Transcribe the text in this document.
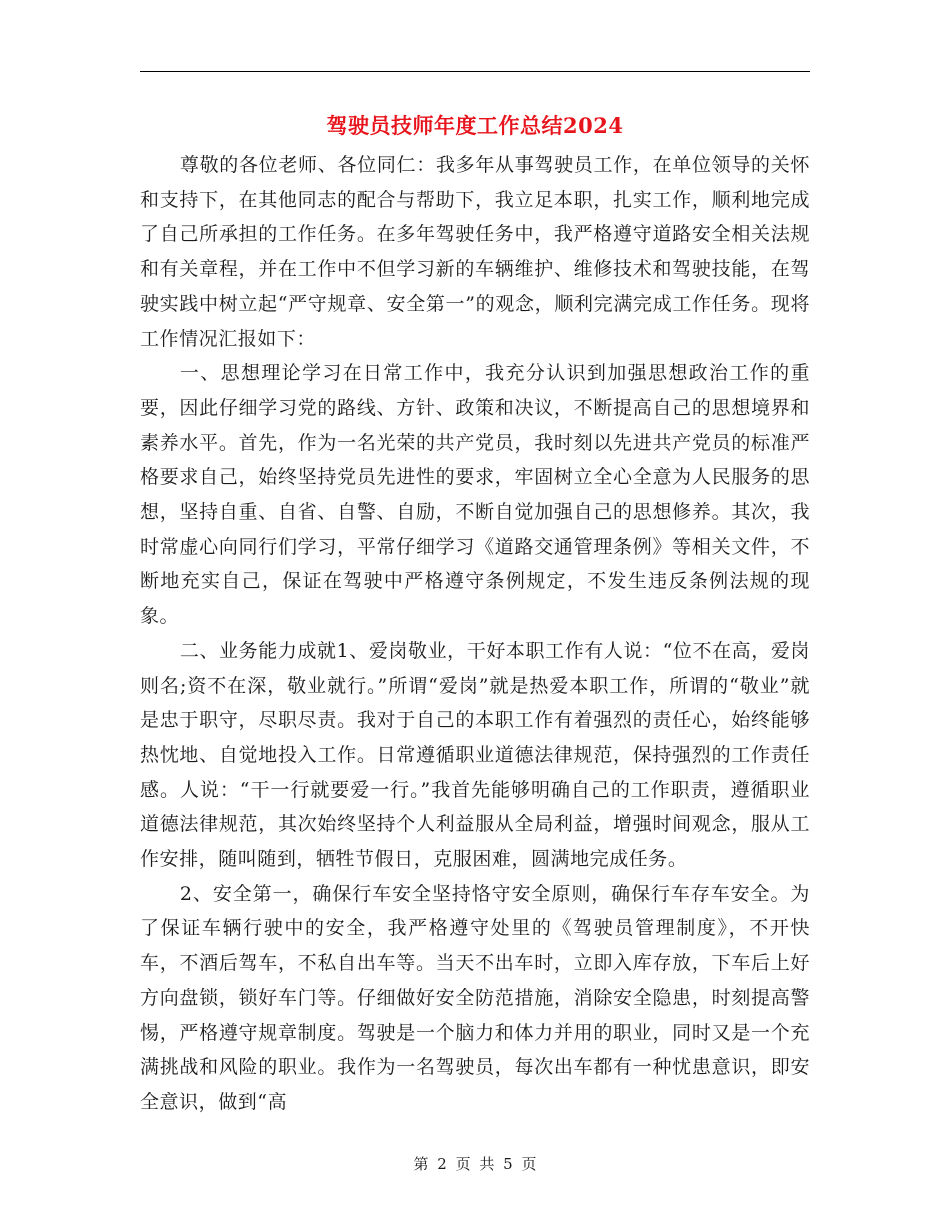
驾驶员技师年度工作总结2024

尊敬的各位老师、各位同仁：我多年从事驾驶员工作，在单位领导的关怀和支持下，在其他同志的配合与帮助下，我立足本职，扎实工作，顺利地完成了自己所承担的工作任务。在多年驾驶任务中，我严格遵守道路安全相关法规和有关章程，并在工作中不但学习新的车辆维护、维修技术和驾驶技能，在驾驶实践中树立起“严守规章、安全第一”的观念，顺利完满完成工作任务。现将工作情况汇报如下：

一、思想理论学习在日常工作中，我充分认识到加强思想政治工作的重要，因此仔细学习党的路线、方针、政策和决议，不断提高自己的思想境界和素养水平。首先，作为一名光荣的共产党员，我时刻以先进共产党员的标准严格要求自己，始终坚持党员先进性的要求，牢固树立全心全意为人民服务的思想，坚持自重、自省、自警、自励，不断自觉加强自己的思想修养。其次，我时常虚心向同行们学习，平常仔细学习《道路交通管理条例》等相关文件，不断地充实自己，保证在驾驶中严格遵守条例规定，不发生违反条例法规的现象。

二、业务能力成就1、爱岗敬业，干好本职工作有人说：“位不在高，爱岗则名;资不在深，敬业就行。”所谓“爱岗”就是热爱本职工作，所谓的“敬业”就是忠于职守，尽职尽责。我对于自己的本职工作有着强烈的责任心，始终能够热忱地、自觉地投入工作。日常遵循职业道德法律规范，保持强烈的工作责任感。人说：“干一行就要爱一行。”我首先能够明确自己的工作职责，遵循职业道德法律规范，其次始终坚持个人利益服从全局利益，增强时间观念，服从工作安排，随叫随到，牺牲节假日，克服困难，圆满地完成任务。

2、安全第一，确保行车安全坚持恪守安全原则，确保行车存车安全。为了保证车辆行驶中的安全，我严格遵守处里的《驾驶员管理制度》，不开快车，不酒后驾车，不私自出车等。当天不出车时，立即入库存放，下车后上好方向盘锁，锁好车门等。仔细做好安全防范措施，消除安全隐患，时刻提高警惕，严格遵守规章制度。驾驶是一个脑力和体力并用的职业，同时又是一个充满挑战和风险的职业。我作为一名驾驶员，每次出车都有一种忧患意识，即安全意识，做到“高

第 2 页 共 5 页
